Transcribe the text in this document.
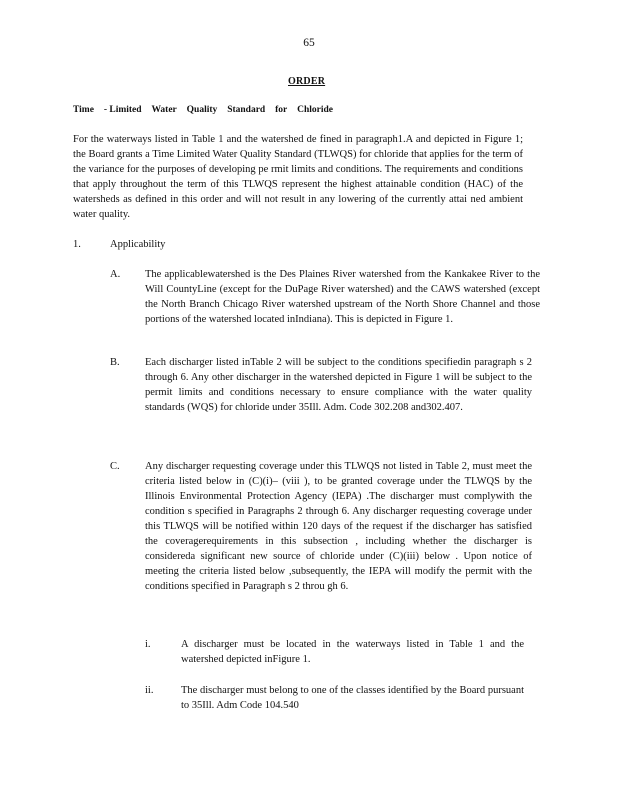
65
ORDER
Time - Limited Water Quality Standard for Chloride
For the waterways listed in Table 1 and the watershed de fined in paragraph1.A and depicted in Figure 1; the Board grants a Time Limited Water Quality Standard (TLWQS) for chloride that applies for the term of the variance for the purposes of developing pe rmit limits and conditions. The requirements and conditions that apply throughout the term of this TLWQS represent the highest attainable condition (HAC) of the watersheds as defined in this order and will not result in any lowering of the currently attai ned ambient water quality.
1.	Applicability
A. The applicablewatershed is the Des Plaines River watershed from the Kankakee River to the Will CountyLine (except for the DuPage River watershed) and the CAWS watershed (except the North Branch Chicago River watershed upstream of the North Shore Channel and those portions of the watershed located inIndiana). This is depicted in Figure 1.
B. Each discharger listed inTable 2 will be subject to the conditions specifiedin paragraph s 2 through 6. Any other discharger in the watershed depicted in Figure 1 will be subject to the permit limits and conditions necessary to ensure compliance with the water quality standards (WQS) for chloride under 35Ill. Adm. Code 302.208 and302.407.
C. Any discharger requesting coverage under this TLWQS not listed in Table 2, must meet the criteria listed below in (C)(i)– (viii ), to be granted coverage under the TLWQS by the Illinois Environmental Protection Agency (IEPA) .The discharger must complywith the condition s specified in Paragraphs 2 through 6. Any discharger requesting coverage under this TLWQS will be notified within 120 days of the request if the discharger has satisfied the coveragerequirements in this subsection , including whether the discharger is considereda significant new source of chloride under (C)(iii) below . Upon notice of meeting the criteria listed below ,subsequently, the IEPA will modify the permit with the conditions specified in Paragraph s 2 throu gh 6.
i.	A discharger must be located in the waterways listed in Table 1 and the watershed depicted inFigure 1.
ii.	The discharger must belong to one of the classes identified by the Board pursuant to 35Ill. Adm Code 104.540
